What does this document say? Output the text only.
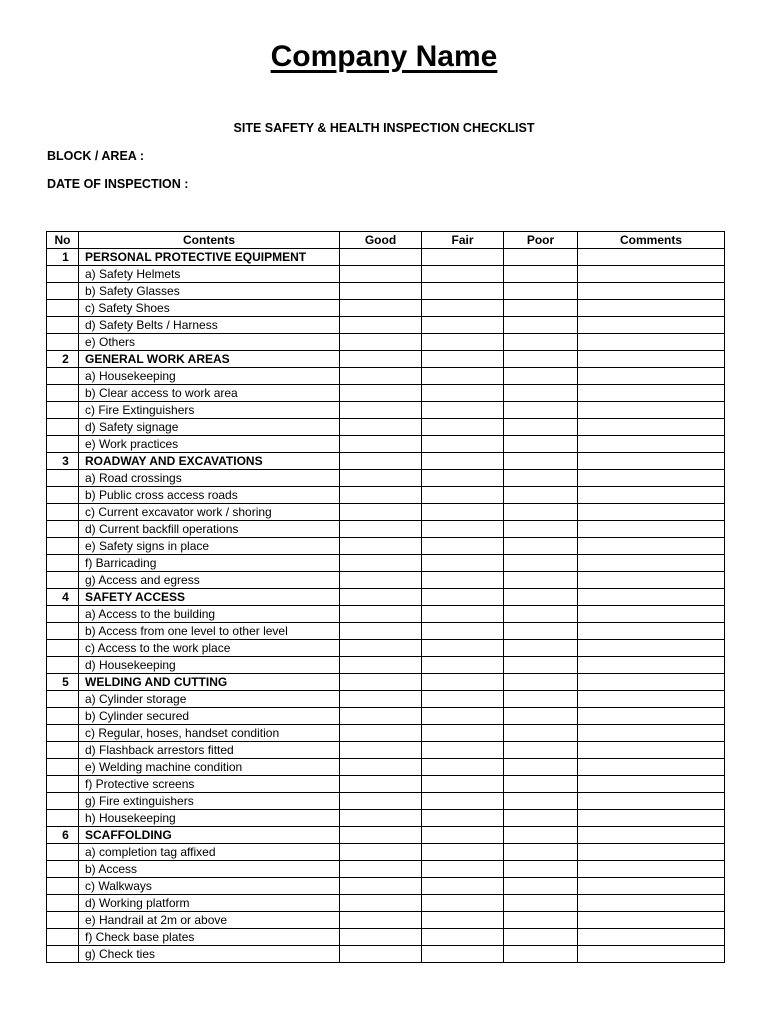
Company Name
SITE SAFETY & HEALTH INSPECTION CHECKLIST
BLOCK / AREA :
DATE OF INSPECTION :
No	Contents	Good	Fair	Poor	Comments
1	PERSONAL PROTECTIVE EQUIPMENT				
	a) Safety Helmets				
	b) Safety Glasses				
	c) Safety Shoes				
	d) Safety Belts / Harness				
	e) Others				
2	GENERAL WORK AREAS				
	a) Housekeeping				
	b) Clear access to work area				
	c) Fire Extinguishers				
	d) Safety signage				
	e) Work practices				
3	ROADWAY AND EXCAVATIONS				
	a) Road crossings				
	b) Public cross access roads				
	c) Current excavator work / shoring				
	d) Current backfill operations				
	e) Safety signs in place				
	f) Barricading				
	g) Access and egress				
4	SAFETY ACCESS				
	a) Access to the building				
	b) Access from one level to other level				
	c) Access to the work place				
	d) Housekeeping				
5	WELDING AND CUTTING				
	a) Cylinder storage				
	b) Cylinder secured				
	c) Regular, hoses, handset condition				
	d) Flashback arrestors fitted				
	e) Welding machine condition				
	f) Protective screens				
	g) Fire extinguishers				
	h) Housekeeping				
6	SCAFFOLDING				
	a) completion tag affixed				
	b) Access				
	c) Walkways				
	d) Working platform				
	e) Handrail at 2m or above				
	f) Check base plates				
	g) Check ties				
